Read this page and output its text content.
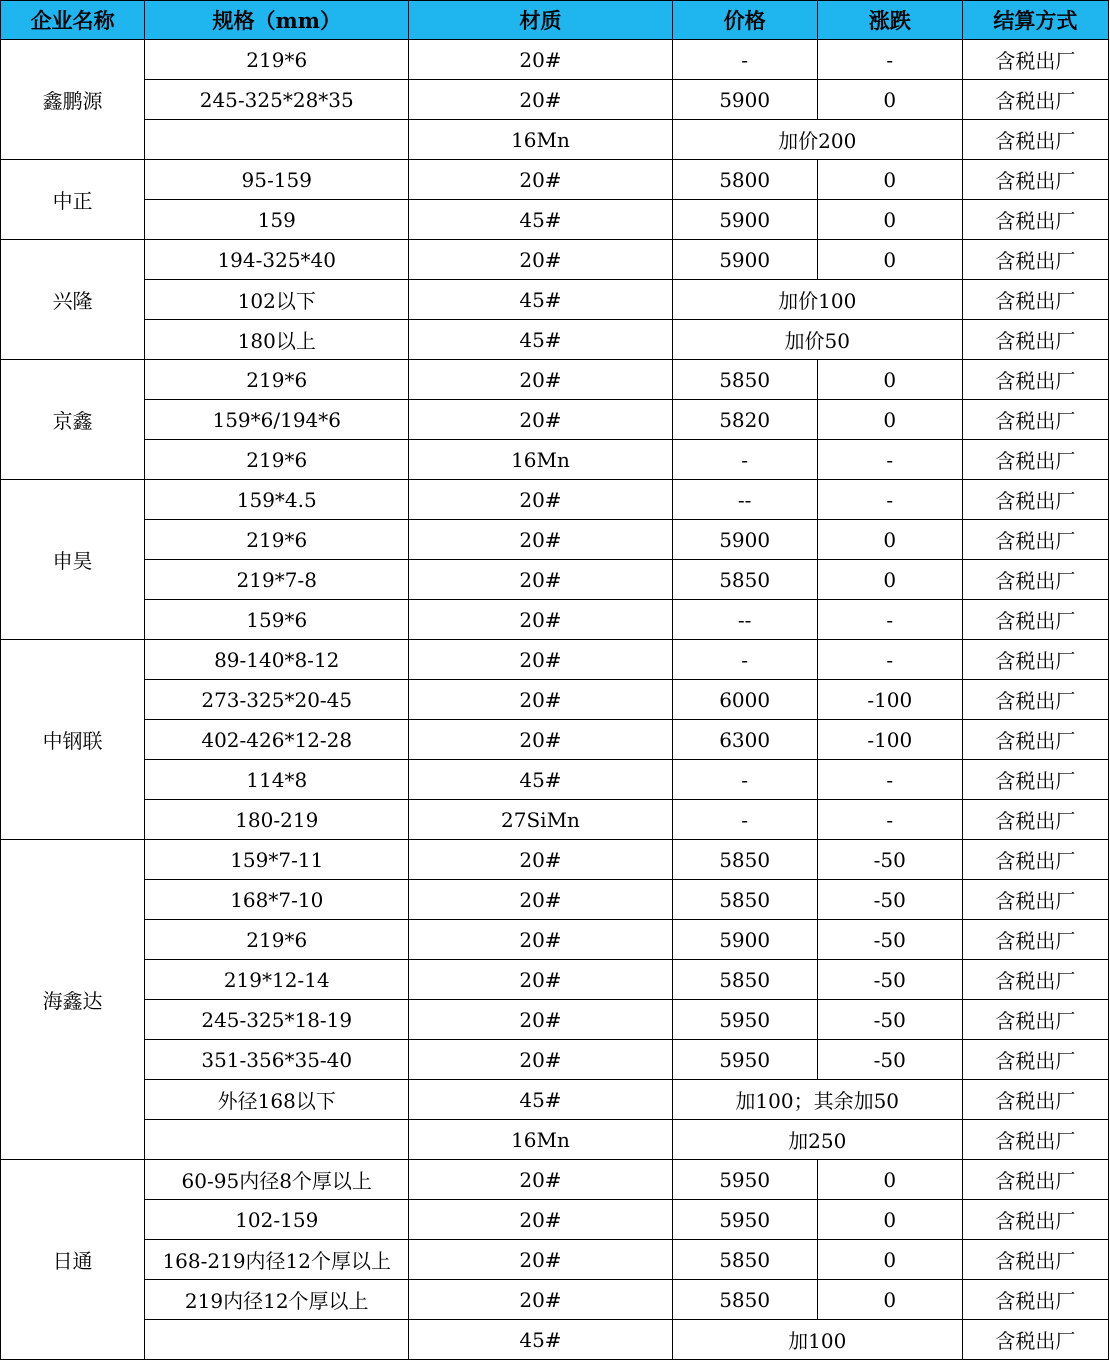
企业名称	规格（mm）	材质	价格	涨跌	结算方式
鑫鹏源	219*6	20#	-	-	含税出厂
	245-325*28*35	20#	5900	0	含税出厂
		16Mn	加价200		含税出厂
中正	95-159	20#	5800	0	含税出厂
	159	45#	5900	0	含税出厂
兴隆	194-325*40	20#	5900	0	含税出厂
	102以下	45#	加价100		含税出厂
	180以上	45#	加价50		含税出厂
京鑫	219*6	20#	5850	0	含税出厂
	159*6/194*6	20#	5820	0	含税出厂
	219*6	16Mn	-	-	含税出厂
申昊	159*4.5	20#	--	-	含税出厂
	219*6	20#	5900	0	含税出厂
	219*7-8	20#	5850	0	含税出厂
	159*6	20#	--	-	含税出厂
中钢联	89-140*8-12	20#	-	-	含税出厂
	273-325*20-45	20#	6000	-100	含税出厂
	402-426*12-28	20#	6300	-100	含税出厂
	114*8	45#	-	-	含税出厂
	180-219	27SiMn	-	-	含税出厂
海鑫达	159*7-11	20#	5850	-50	含税出厂
	168*7-10	20#	5850	-50	含税出厂
	219*6	20#	5900	-50	含税出厂
	219*12-14	20#	5850	-50	含税出厂
	245-325*18-19	20#	5950	-50	含税出厂
	351-356*35-40	20#	5950	-50	含税出厂
	外径168以下	45#	加100；其余加50		含税出厂
		16Mn	加250		含税出厂
日通	60-95内径8个厚以上	20#	5950	0	含税出厂
	102-159	20#	5950	0	含税出厂
	168-219内径12个厚以上	20#	5850	0	含税出厂
	219内径12个厚以上	20#	5850	0	含税出厂
		45#	加100		含税出厂
